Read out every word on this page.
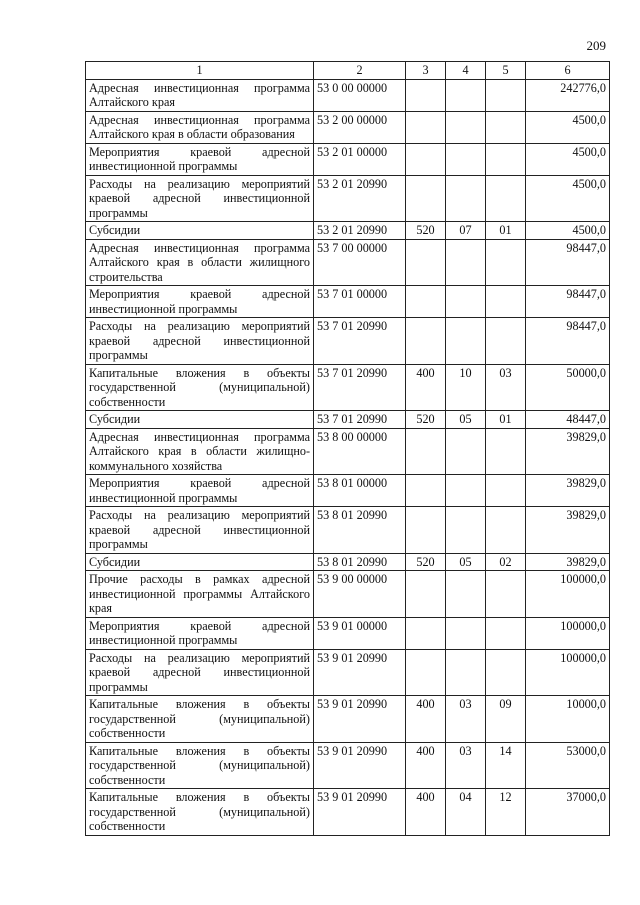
209
1	2	3	4	5	6
Адресная инвестиционная программа Алтайского края	53 0 00 00000				242776,0
Адресная инвестиционная программа Алтайского края в области образования	53 2 00 00000				4500,0
Мероприятия краевой адресной инвестиционной программы	53 2 01 00000				4500,0
Расходы на реализацию мероприятий краевой адресной инвестиционной программы	53 2 01 20990				4500,0
Субсидии	53 2 01 20990	520	07	01	4500,0
Адресная инвестиционная программа Алтайского края в области жилищного строительства	53 7 00 00000				98447,0
Мероприятия краевой адресной инвестиционной программы	53 7 01 00000				98447,0
Расходы на реализацию мероприятий краевой адресной инвестиционной программы	53 7 01 20990				98447,0
Капитальные вложения в объекты государственной (муниципальной) собственности	53 7 01 20990	400	10	03	50000,0
Субсидии	53 7 01 20990	520	05	01	48447,0
Адресная инвестиционная программа Алтайского края в области жилищно-коммунального хозяйства	53 8 00 00000				39829,0
Мероприятия краевой адресной инвестиционной программы	53 8 01 00000				39829,0
Расходы на реализацию мероприятий краевой адресной инвестиционной программы	53 8 01 20990				39829,0
Субсидии	53 8 01 20990	520	05	02	39829,0
Прочие расходы в рамках адресной инвестиционной программы Алтайского края	53 9 00 00000				100000,0
Мероприятия краевой адресной инвестиционной программы	53 9 01 00000				100000,0
Расходы на реализацию мероприятий краевой адресной инвестиционной программы	53 9 01 20990				100000,0
Капитальные вложения в объекты государственной (муниципальной) собственности	53 9 01 20990	400	03	09	10000,0
Капитальные вложения в объекты государственной (муниципальной) собственности	53 9 01 20990	400	03	14	53000,0
Капитальные вложения в объекты государственной (муниципальной) собственности	53 9 01 20990	400	04	12	37000,0
